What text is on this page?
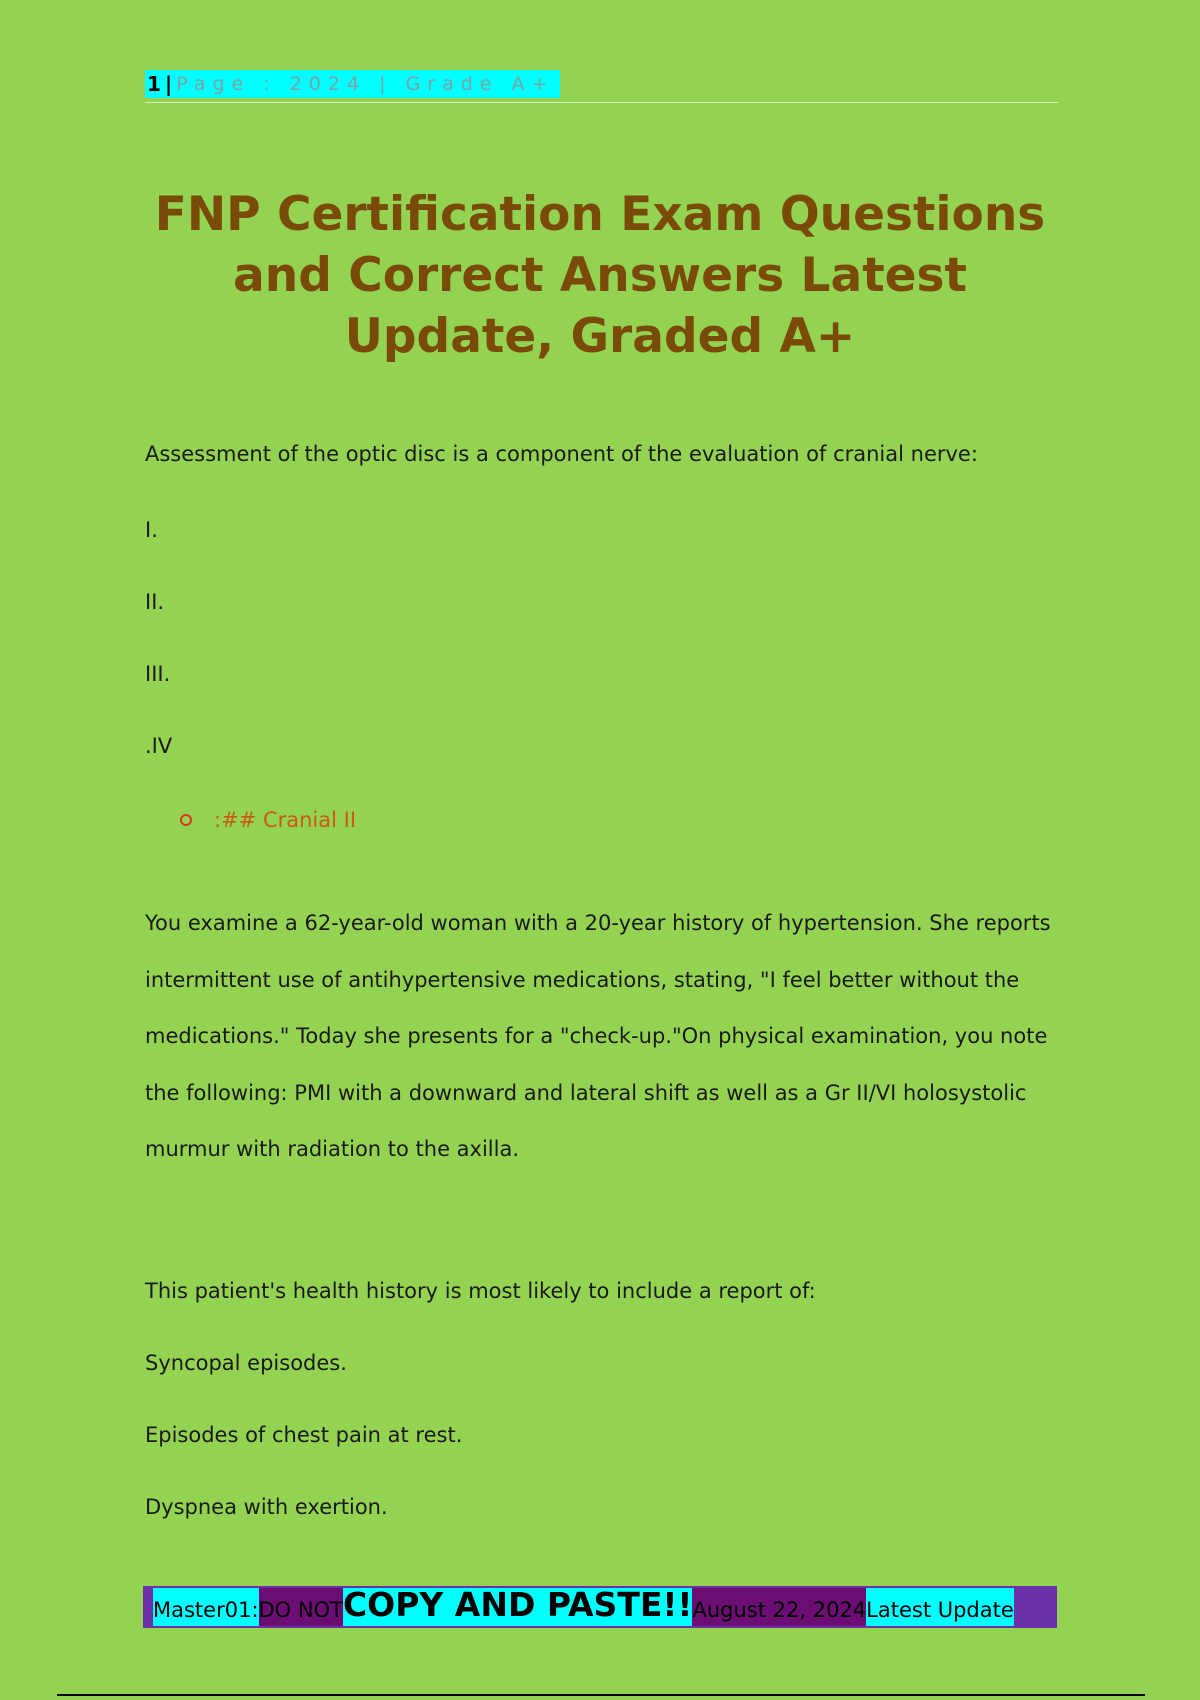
1 | Page : 2024 | Grade A+
FNP Certification Exam Questions and Correct Answers Latest Update, Graded A+
Assessment of the optic disc is a component of the evaluation of cranial nerve:
I.
II.
III.
.IV
:## Cranial II

You examine a 62-year-old woman with a 20-year history of hypertension. She reports intermittent use of antihypertensive medications, stating, "I feel better without the medications." Today she presents for a "check-up."On physical examination, you note the following: PMI with a downward and lateral shift as well as a Gr II/VI holosystolic murmur with radiation to the axilla.

This patient's health history is most likely to include a report of:
Syncopal episodes.
Episodes of chest pain at rest.
Dyspnea with exertion.
Master01: DO NOT COPY AND PASTE!! August 22, 2024 Latest Update
